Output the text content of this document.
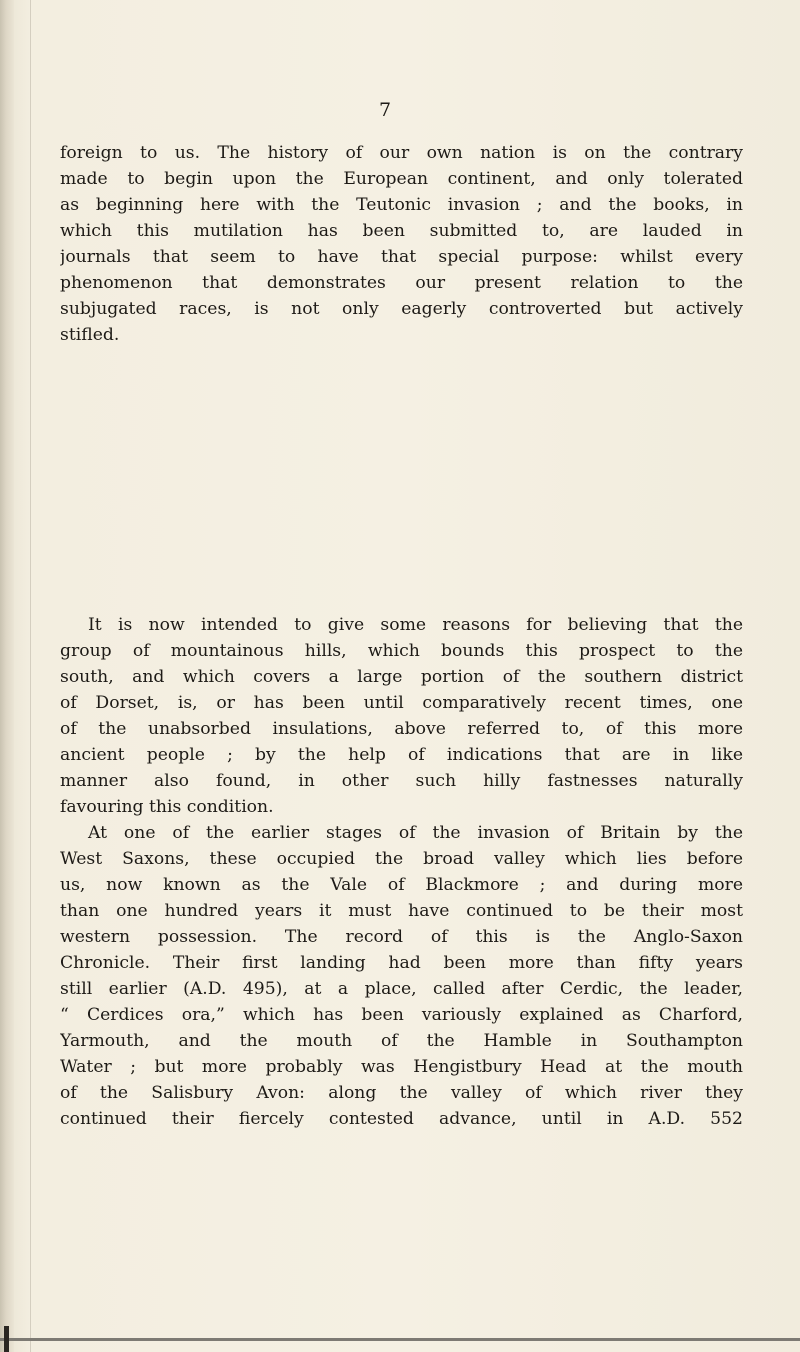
7
foreign to us. The history of our own nation is on the contrary
made to begin upon the European continent, and only tolerated
as beginning here with the Teutonic invasion ; and the books, in
which this mutilation has been submitted to, are lauded in
journals that seem to have that special purpose: whilst every
phenomenon that demonstrates our present relation to the
subjugated races, is not only eagerly controverted but actively
stifled.
It is now intended to give some reasons for believing that the
group of mountainous hills, which bounds this prospect to the
south, and which covers a large portion of the southern district
of Dorset, is, or has been until comparatively recent times, one
of the unabsorbed insulations, above referred to, of this more
ancient people ; by the help of indications that are in like
manner also found, in other such hilly fastnesses naturally
favouring this condition.
At one of the earlier stages of the invasion of Britain by the
West Saxons, these occupied the broad valley which lies before
us, now known as the Vale of Blackmore ; and during more
than one hundred years it must have continued to be their most
western possession. The record of this is the Anglo-Saxon
Chronicle. Their first landing had been more than fifty years
still earlier (A.D. 495), at a place, called after Cerdic, the leader,
“ Cerdices ora,” which has been variously explained as Charford,
Yarmouth, and the mouth of the Hamble in Southampton
Water ; but more probably was Hengistbury Head at the mouth
of the Salisbury Avon: along the valley of which river they
continued their fiercely contested advance, until in A.D. 552
